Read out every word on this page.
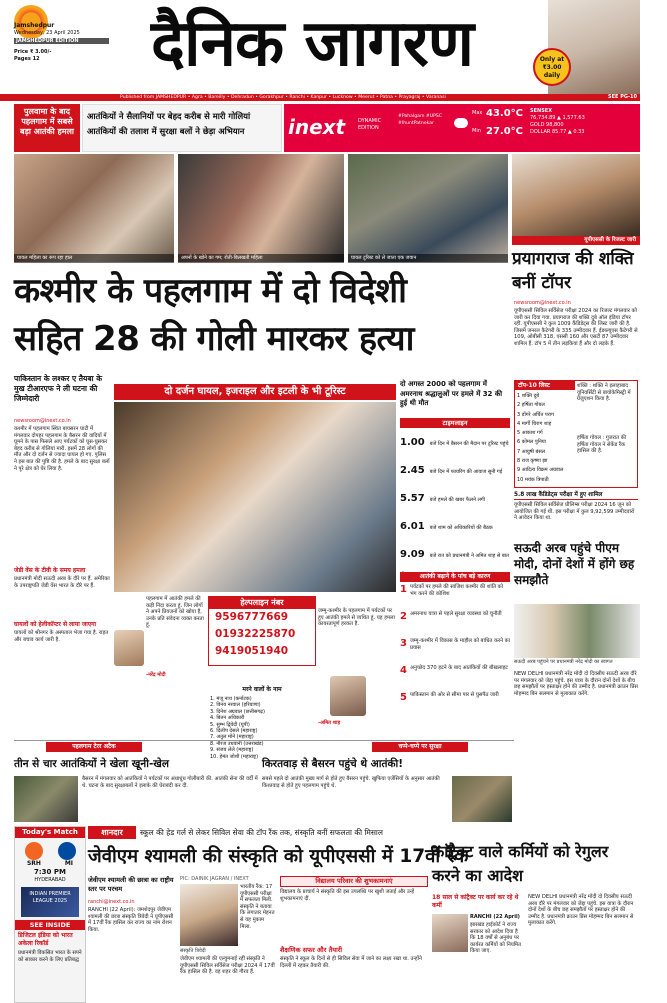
Jamshedpur
Wednesday, 23 April 2025
JAMSHEDPUR EDITION
Price ₹ 3.00/-
Pages 12	दैनिक जागरण	Only at ₹3.00 daily
Published from JAMSHEDPUR • Agra • Bareilly • Dehradun • Gorakhpur • Ranchi • Kanpur • Lucknow • Meerut • Patna • Prayagraj • Varanasi	SEE PG-10
पुलवामा के बाद पहलगाम में सबसे बड़ा आतंकी हमला
आतंकियों ने सैलानियों पर बेहद करीब से मारी गोलियां
आतंकियों की तलाश में सुरक्षा बलों ने छेड़ा अभियान	inext	DYNAMIC EDITION
#Pahalgam #UPSC #IhuntPatnekar
Max 43.0°C
Min 27.0°C
SENSEX
76,734.89 ▲ 1,577.63
GOLD 98,800
DOLLAR 85.77 ▲ 0.33
घायल महिला का रूप रहा हाल	अपनों के खोने का गम; रोती-बिलखती महिला	घायल टूरिस्ट को ले जाता एक जवान
यूपीएससी के रिजल्ट जारी
प्रयागराज की शक्ति बनीं टॉपर
newsroom@inext.co.in
यूपीएससी सिविल सर्विसेज परीक्षा 2024 का रिजल्ट मंगलवार को जारी कर दिया गया. प्रयागराज की शक्ति दुबे ऑल इंडिया टॉपर रहीं. यूपीएससी ने कुल 1009 कैंडिडेट्स की लिस्ट जारी की है. जिसमें जनरल कैटेगरी के 335 उम्मीदवार हैं. ईडब्ल्यूएस कैटेगरी से 109, ओबीसी 318, एससी 160 और एसटी 87 उम्मीदवार शामिल हैं. टॉप 5 में तीन लड़कियां हैं और दो लड़के हैं.
टॉप-10 लिस्ट
1 शक्ति दुबे
2 हर्षिता गोयल
3 डोंगरे अर्चित पराग
4 मार्गी चिराग शाह
5 आकाश गर्ग
6 कोमल पुनिया
7 आयुषी बंसल
8 राज कृष्णा झा
9 आदित्य विक्रम अग्रवाल
10 मयंक त्रिपाठी
शक्ति : शक्ति ने इलाहाबाद यूनिवर्सिटी से बायोकेमिस्ट्री में ग्रेजुएशन किया है.
हर्षिता गोयल : गुजरात की हर्षिता गोयल ने सेकेंड रैंक हासिल की है.
5.8 लाख कैंडिडेट्स परीक्षा में हुए शामिल
यूपीएससी सिविल सर्विसेज प्रीलिम्स परीक्षा 2024 16 जून को आयोजित की गई थी. इस परीक्षा में कुल 9,92,599 उम्मीदवारों ने आवेदन किया था.
सऊदी अरब पहुंचे पीएम मोदी, दोनों देशों में होंगे छह समझौते
सऊदी अरब पहुंचने पर प्रधानमंत्री नरेंद्र मोदी का स्वागत
NEW DELHI प्रधानमंत्री नरेंद्र मोदी दो दिवसीय सऊदी अरब दौरे पर मंगलवार को जेद्दा पहुंचे. इस यात्रा के दौरान दोनों देशों के बीच छह समझौतों पर हस्ताक्षर होने की उम्मीद है. प्रधानमंत्री क्राउन प्रिंस मोहम्मद बिन सलमान से मुलाकात करेंगे.
कश्मीर के पहलगाम में दो विदेशी
सहित 28 की गोली मारकर हत्या
पाकिस्तान के लश्कर ए तैयबा के मुख टीआरएफ ने ली घटना की जिम्मेदारी
newsroom@inext.co.in
कश्मीर में पहलगाम स्थित बायसरन घाटी में मंगलवार दोपहर पहलगाम के बैसरन की वादियों में घूमने के पास फिसले आए पर्यटकों को घुस-घुसकर बेहद करीब से गोलियां मारी. इसमें 28 लोगों की मौत और दो दर्जन से ज्यादा घायल हो गए. पुलिस ने इस बात की पुष्टि की है. हमले के बाद सुरक्षा बलों ने पूरे क्षेत्र को घेर लिया है.
जेडी वेंस के टीवी के समय हमला
प्रधानमंत्री मोदी सऊदी अरब के दौरे पर हैं. अमेरिका के उपराष्ट्रपति जेडी वेंस भारत के दौरे पर हैं.
घायलों को हेलीकॉप्टर से लाया जाएगा
घायलों को श्रीनगर के अस्पताल भेजा गया है. राहत और बचाव कार्य जारी है.
दो दर्जन घायल, इजराइल और इटली के भी टूरिस्ट
पहलगाम में आतंकी हमले की कड़ी निंदा करता हूं. जिन लोगों ने अपने प्रियजनों को खोया है, उनके प्रति संवेदना व्यक्त करता हूं.
-नरेंद्र मोदी
हेल्पलाइन नंबर
9596777669
01932225870
9419051940
मरने वालों के नाम
1. मंजू नाथ (कर्नाटक)
2. विनय नरवाल (हरियाणा)
3. दिनेश अग्रवाल (छत्तीसगढ़)
4. बितन अधिकारी
5. सुम्भ द्विवेदी (यूपी)
6. दिलीप देसले (महाराष्ट्र)
7. अतुल मोने (महाराष्ट्र)
8. नीरज उधवानी (उत्तराखंड)
9. संजय लेले (महाराष्ट्र)
10. हेमंत जोशी (महाराष्ट्र)
जम्मू-कश्मीर के पहलगाम में पर्यटकों पर हुए आतंकी हमले से व्यथित हूं. यह हमला कायरतापूर्ण हरकत है.
-अमित शाह
दो अगस्त 2000 को पहलगाम में अमरनाथ श्रद्धालुओं पर हमले में 32 की हुई थी मौत
टाइमलाइन
1.00 बजे दिन में बैसरन की मैदान पर टूरिस्ट पहुंचे
2.45 बजे दिन में फायरिंग की आवाज सुनी गई
5.57 बजे हमले की खबर फैलने लगी
6.01 बजे शाम को अधिकारियों की बैठक
9.09 बजे रात को प्रधानमंत्री ने अमित शाह से बात
आतंकी बढ़ाने के पांच बड़े कारण
1 पर्यटकों पर हमले की साजिश कश्मीर की शांति को भंग करने की कोशिश
2 अमरनाथ यात्रा से पहले सुरक्षा व्यवस्था को चुनौती
3 जम्मू-कश्मीर में विकास के माहौल को बाधित करने का प्रयास
4 अनुच्छेद 370 हटने के बाद आतंकियों की बौखलाहट
5 पाकिस्तान की ओर से सीमा पार से घुसपैठ जारी
पहलगाम टेरर अटैक
तीन से चार आतंकियों ने खेला खूनी-खेल
बैसरन में मंगलवार को आतंकियों ने पर्यटकों पर अंधाधुंध गोलीबारी की. आतंकी सेना की वर्दी में थे. घटना के बाद सुरक्षाबलों ने इलाके की घेराबंदी कर दी.
चप्पे-चप्पे पर सुरक्षा
किरतवाड़ से बैसरन पहुंचे थे आतंकी!
सबसे पहले दो आतंकी मुख्य मार्ग से होते हुए बैसरन पहुंचे. खुफिया एजेंसियों के अनुसार आतंकी किश्तवाड़ से होते हुए पहलगाम पहुंचे थे.
Today's Match
SRH	MI
7:30 PM
HYDERABAD
INDIAN PREMIER LEAGUE 2025
SEE INSIDE
डिजिटल इंडिया को भारत अकेला रिकॉर्ड
प्रधानमंत्री विकसित भारत के सपने को साकार करने के लिए प्रतिबद्ध
शानदार	स्कूल की हेड गर्ल से लेकर सिविल सेवा की टॉप रैंक तक, संस्कृति बनीं सफलता की मिसाल
जेवीएम श्यामली की संस्कृति को यूपीएससी में 17वीं रैंक
जेवीएम श्यामली की छात्रा का राष्ट्रीय स्तर पर परचम
ranchi@inext.co.in
RANCHI (22 April): जमशेदपुर जेवीएम श्यामली की छात्रा संस्कृति त्रिवेदी ने यूपीएससी में 17वीं रैंक हासिल कर राज्य का नाम रोशन किया.
PIC: DAINIK JAGRAN / INEXT
संस्कृति त्रिवेदी
भारतीय रैंक: 17 यूपीएससी परीक्षा में सफलता मिली. संस्कृति ने बताया कि लगातार मेहनत से यह मुकाम मिला.
विद्यालय परिवार की शुभकामनाएं
विद्यालय के प्राचार्य ने संस्कृति की इस उपलब्धि पर खुशी जताई और उन्हें शुभकामनाएं दीं.
शैक्षणिक सफर और तैयारी
संस्कृति ने स्कूल के दिनों से ही सिविल सेवा में जाने का लक्ष्य रखा था. उन्होंने दिल्ली में रहकर तैयारी की.
जेवीएम श्यामली की एल्युमनाई रहीं संस्कृति ने यूपीएससी सिविल सर्विसेज परीक्षा 2024 में 17वीं रैंक हासिल की है. वह शहर की गौरव हैं.
कांट्रैक्ट वाले कर्मियों को रेगुलर करने का आदेश
18 साल से कांट्रैक्ट पर कार्य कर रहे थे कर्मी
RANCHI (22 April)
झारखंड हाईकोर्ट ने राज्य सरकार को आदेश दिया है कि 18 वर्षों से अनुबंध पर कार्यरत कर्मियों को नियमित किया जाए.
NEW DELHI प्रधानमंत्री नरेंद्र मोदी दो दिवसीय सऊदी अरब दौरे पर मंगलवार को जेद्दा पहुंचे. इस यात्रा के दौरान दोनों देशों के बीच छह समझौतों पर हस्ताक्षर होने की उम्मीद है. प्रधानमंत्री क्राउन प्रिंस मोहम्मद बिन सलमान से मुलाकात करेंगे.
